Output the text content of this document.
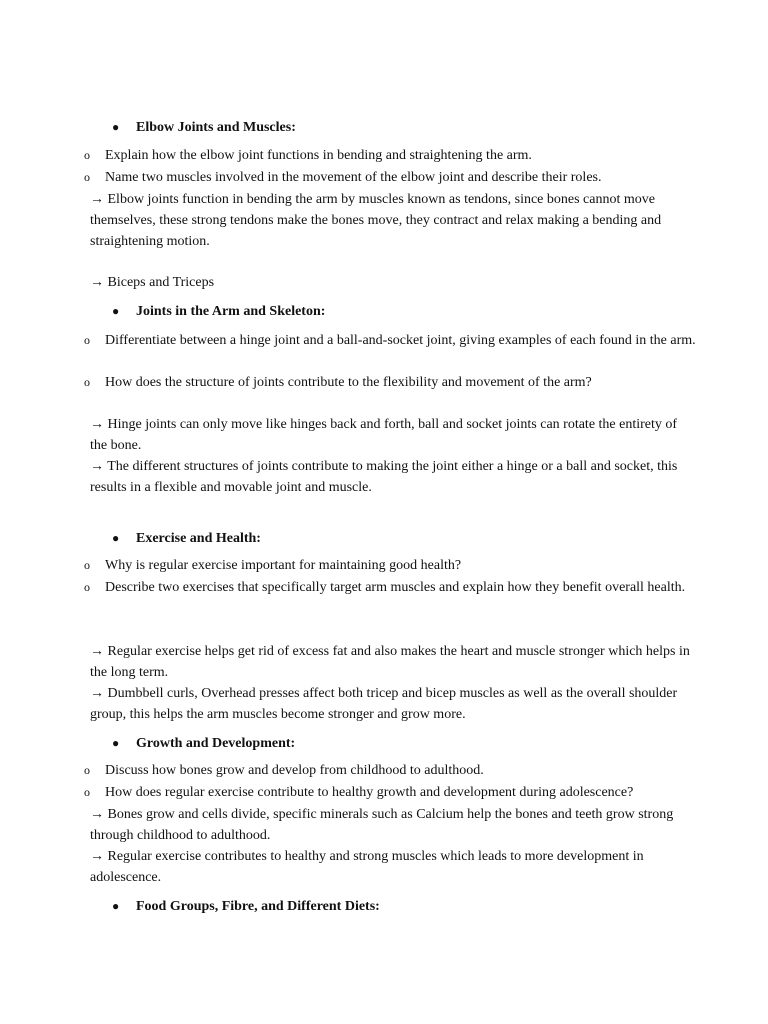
● Elbow Joints and Muscles:
o Explain how the elbow joint functions in bending and straightening the arm.
o Name two muscles involved in the movement of the elbow joint and describe their roles.
→ Elbow joints function in bending the arm by muscles known as tendons, since bones cannot move themselves, these strong tendons make the bones move, they contract and relax making a bending and straightening motion.
→ Biceps and Triceps
● Joints in the Arm and Skeleton:
o Differentiate between a hinge joint and a ball-and-socket joint, giving examples of each found in the arm.
o How does the structure of joints contribute to the flexibility and movement of the arm?
→ Hinge joints can only move like hinges back and forth, ball and socket joints can rotate the entirety of the bone.
→ The different structures of joints contribute to making the joint either a hinge or a ball and socket, this results in a flexible and movable joint and muscle.
● Exercise and Health:
o Why is regular exercise important for maintaining good health?
o Describe two exercises that specifically target arm muscles and explain how they benefit overall health.
→ Regular exercise helps get rid of excess fat and also makes the heart and muscle stronger which helps in the long term.
→ Dumbbell curls, Overhead presses affect both tricep and bicep muscles as well as the overall shoulder group, this helps the arm muscles become stronger and grow more.
● Growth and Development:
o Discuss how bones grow and develop from childhood to adulthood.
o How does regular exercise contribute to healthy growth and development during adolescence?
→ Bones grow and cells divide, specific minerals such as Calcium help the bones and teeth grow strong through childhood to adulthood.
→ Regular exercise contributes to healthy and strong muscles which leads to more development in adolescence.
● Food Groups, Fibre, and Different Diets:
